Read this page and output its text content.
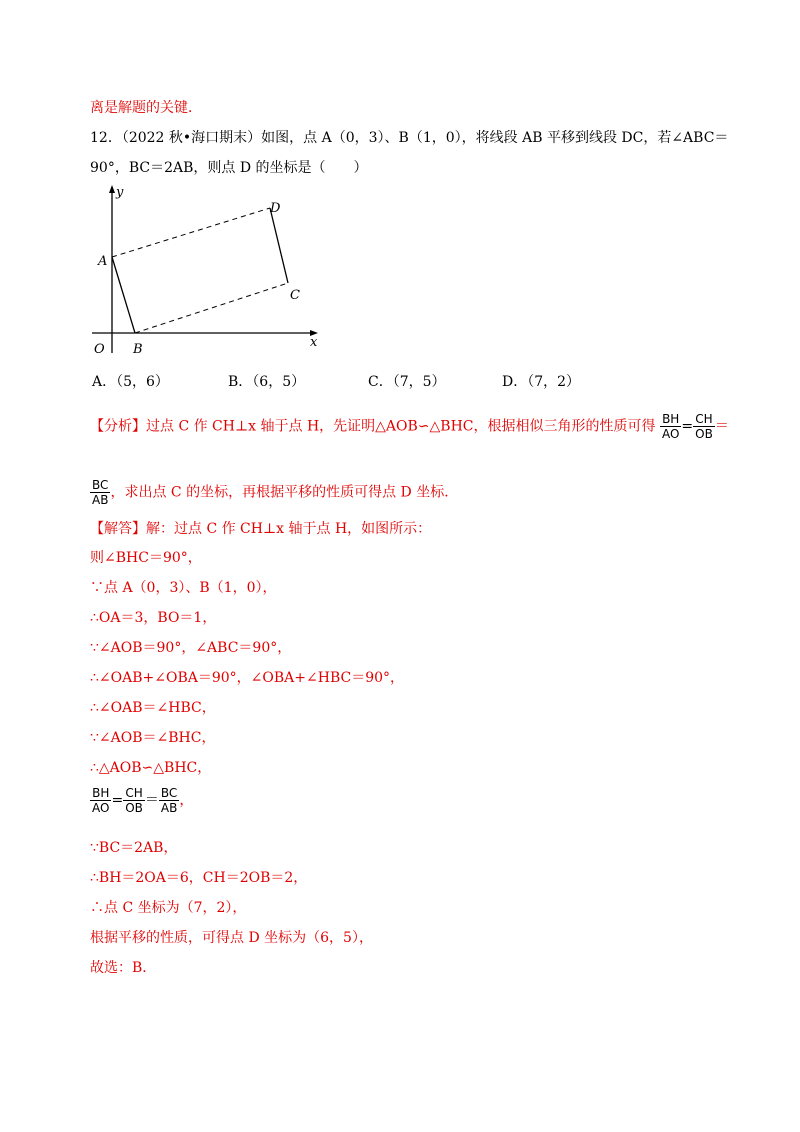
离是解题的关键．
12．（2022 秋•海口期末）如图，点 A（0，3）、B（1，0），将线段 AB 平移到线段 DC，若∠ABC＝
90°，BC＝2AB，则点 D 的坐标是（　　）
y
x
O
A
B
C
D
A．（5，6）	B．（6，5）	C．（7，5）	D．（7，2）
【分析】过点 C 作 CH⊥x 轴于点 H，先证明△AOB∽△BHC，根据相似三角形的性质可得 $\frac{BH}{AO} = \frac{CH}{OB}$ ＝
$\frac{BC}{AB}$ ，求出点 C 的坐标，再根据平移的性质可得点 D 坐标．
【解答】解：过点 C 作 CH⊥x 轴于点 H，如图所示：
则∠BHC＝90°，
∵点 A（0，3）、B（1，0），
∴OA＝3，BO＝1，
∵∠AOB＝90°，∠ABC＝90°，
∴∠OAB+∠OBA＝90°，∠OBA+∠HBC＝90°，
∴∠OAB＝∠HBC，
∵∠AOB＝∠BHC，
∴△AOB∽△BHC，
$\frac{BH}{AO} = \frac{CH}{OB} = \frac{BC}{AB}$ ，
∵BC＝2AB，
∴BH＝2OA＝6，CH＝2OB＝2，
∴点 C 坐标为（7，2），
根据平移的性质，可得点 D 坐标为（6，5），
故选：B．
